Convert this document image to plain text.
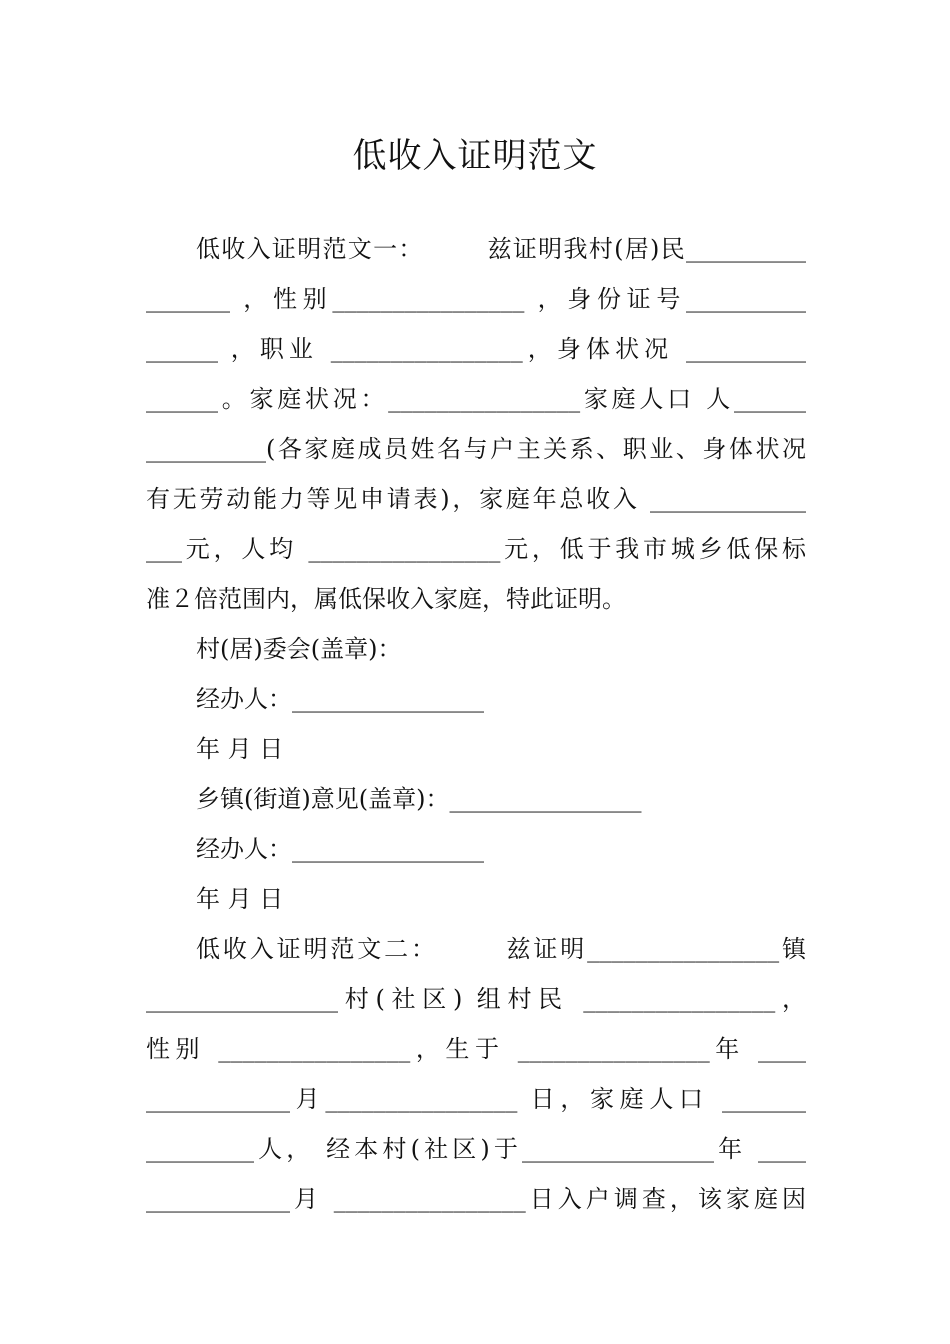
低收入证明范文
低收入证明范文一：　　　兹证明我村(居)民__________
_______ ，性别________________ ，身份证号__________
______ ，职业 ________________，身体状况 __________
______。家庭状况：________________家庭人口 人______
__________(各家庭成员姓名与户主关系、职业、身体状况
有无劳动能力等见申请表)，家庭年总收入 _____________
___元，人均 ________________元，低于我市城乡低保标
准２倍范围内，属低保收入家庭，特此证明。
村(居)委会(盖章)：
经办人：________________
年 月 日
乡镇(街道)意见(盖章)：________________
经办人：________________
年 月 日
低收入证明范文二：　　　兹证明________________镇
________________村(社区) 组村民 ________________，
性别 ________________，生于 ________________年 ____
____________月________________ 日，家庭人口 _______
_________人， 经本村(社区)于________________年 ____
____________月 ________________日入户调查，该家庭因
